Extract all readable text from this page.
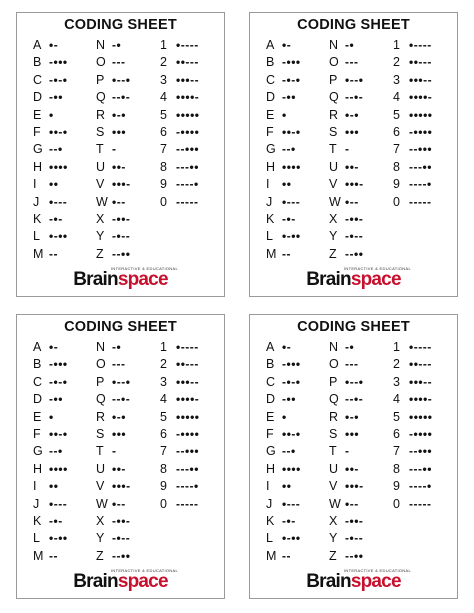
CODING SHEET
A •-
B -•••
C -•-•
D -••
E •
F ••-•
G --•
H ••••
I ••
J •---
K -•-
L •-••
M --
N -•
O ---
P •--•
Q --•-
R •-•
S •••
T -
U ••-
V •••-
W •--
X -••-
Y -•--
Z --••
1 •----
2 ••---
3 •••--
4 ••••-
5 •••••
6 -••••
7 --•••
8 ---••
9 ----•
0 -----
INTERACTIVE & EDUCATIONAL
Brainspace
CODING SHEET
A •-
B -•••
C -•-•
D -••
E •
F ••-•
G --•
H ••••
I ••
J •---
K -•-
L •-••
M --
N -•
O ---
P •--•
Q --•-
R •-•
S •••
T -
U ••-
V •••-
W •--
X -••-
Y -•--
Z --••
1 •----
2 ••---
3 •••--
4 ••••-
5 •••••
6 -••••
7 --•••
8 ---••
9 ----•
0 -----
INTERACTIVE & EDUCATIONAL
Brainspace
CODING SHEET
A •-
B -•••
C -•-•
D -••
E •
F ••-•
G --•
H ••••
I ••
J •---
K -•-
L •-••
M --
N -•
O ---
P •--•
Q --•-
R •-•
S •••
T -
U ••-
V •••-
W •--
X -••-
Y -•--
Z --••
1 •----
2 ••---
3 •••--
4 ••••-
5 •••••
6 -••••
7 --•••
8 ---••
9 ----•
0 -----
INTERACTIVE & EDUCATIONAL
Brainspace
CODING SHEET
A •-
B -•••
C -•-•
D -••
E •
F ••-•
G --•
H ••••
I ••
J •---
K -•-
L •-••
M --
N -•
O ---
P •--•
Q --•-
R •-•
S •••
T -
U ••-
V •••-
W •--
X -••-
Y -•--
Z --••
1 •----
2 ••---
3 •••--
4 ••••-
5 •••••
6 -••••
7 --•••
8 ---••
9 ----•
0 -----
INTERACTIVE & EDUCATIONAL
Brainspace
